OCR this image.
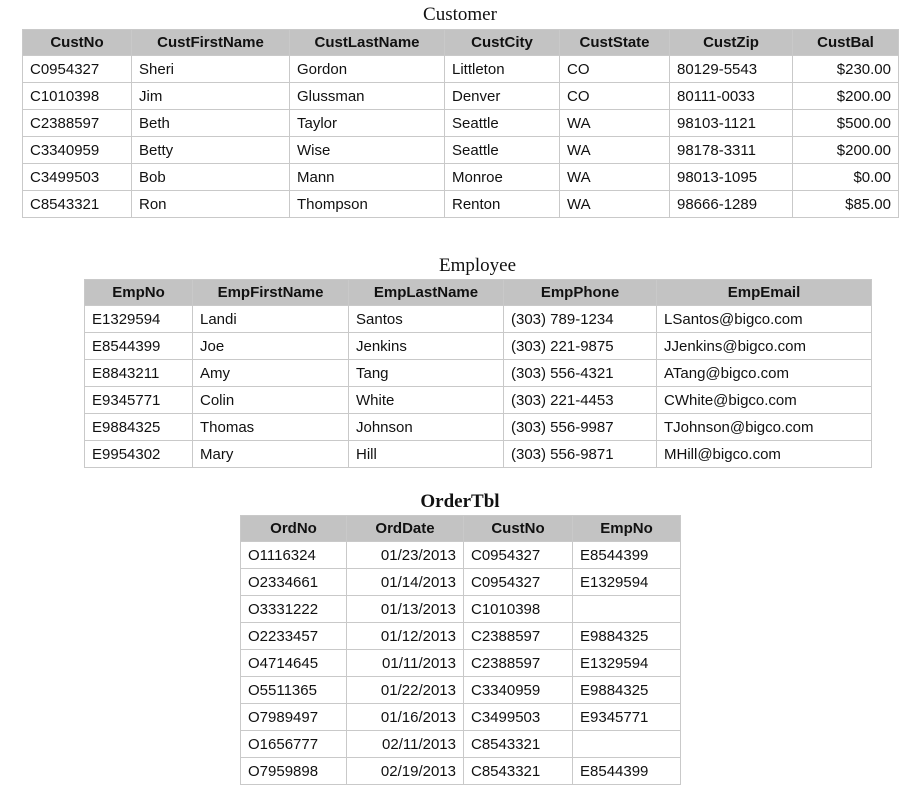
Customer
CustNo	CustFirstName	CustLastName	CustCity	CustState	CustZip	CustBal
C0954327	Sheri	Gordon	Littleton	CO	80129-5543	$230.00
C1010398	Jim	Glussman	Denver	CO	80111-0033	$200.00
C2388597	Beth	Taylor	Seattle	WA	98103-1121	$500.00
C3340959	Betty	Wise	Seattle	WA	98178-3311	$200.00
C3499503	Bob	Mann	Monroe	WA	98013-1095	$0.00
C8543321	Ron	Thompson	Renton	WA	98666-1289	$85.00
Employee
EmpNo	EmpFirstName	EmpLastName	EmpPhone	EmpEmail
E1329594	Landi	Santos	(303) 789-1234	LSantos@bigco.com
E8544399	Joe	Jenkins	(303) 221-9875	JJenkins@bigco.com
E8843211	Amy	Tang	(303) 556-4321	ATang@bigco.com
E9345771	Colin	White	(303) 221-4453	CWhite@bigco.com
E9884325	Thomas	Johnson	(303) 556-9987	TJohnson@bigco.com
E9954302	Mary	Hill	(303) 556-9871	MHill@bigco.com
OrderTbl
OrdNo	OrdDate	CustNo	EmpNo
O1116324	01/23/2013	C0954327	E8544399
O2334661	01/14/2013	C0954327	E1329594
O3331222	01/13/2013	C1010398	
O2233457	01/12/2013	C2388597	E9884325
O4714645	01/11/2013	C2388597	E1329594
O5511365	01/22/2013	C3340959	E9884325
O7989497	01/16/2013	C3499503	E9345771
O1656777	02/11/2013	C8543321	
O7959898	02/19/2013	C8543321	E8544399
